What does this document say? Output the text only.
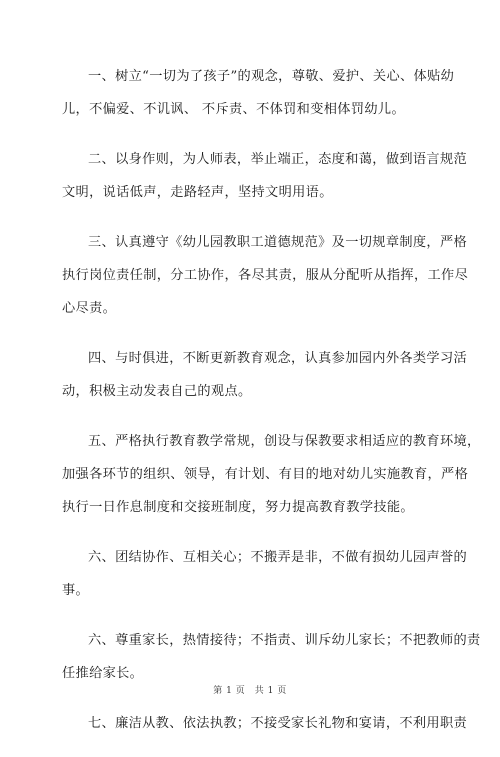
一、树立“一切为了孩子”的观念，尊敬、爱护、关心、体贴幼
儿，不偏爱、不讥讽、 不斥责、不体罚和变相体罚幼儿。

二、以身作则，为人师表，举止端正，态度和蔼，做到语言规范
文明，说话低声，走路轻声，坚持文明用语。

三、认真遵守《幼儿园教职工道德规范》及一切规章制度，严格
执行岗位责任制，分工协作，各尽其责，服从分配听从指挥，工作尽
心尽责。

四、与时俱进，不断更新教育观念，认真参加园内外各类学习活
动，积极主动发表自己的观点。

五、严格执行教育教学常规，创设与保教要求相适应的教育环境，
加强各环节的组织、领导，有计划、有目的地对幼儿实施教育，严格
执行一日作息制度和交接班制度，努力提高教育教学技能。

六、团结协作、互相关心；不搬弄是非，不做有损幼儿园声誉的
事。

六、尊重家长，热情接待；不指责、训斥幼儿家长；不把教师的责
任推给家长。

七、廉洁从教、依法执教；不接受家长礼物和宴请，不利用职责

第 1 页　共 1 页
